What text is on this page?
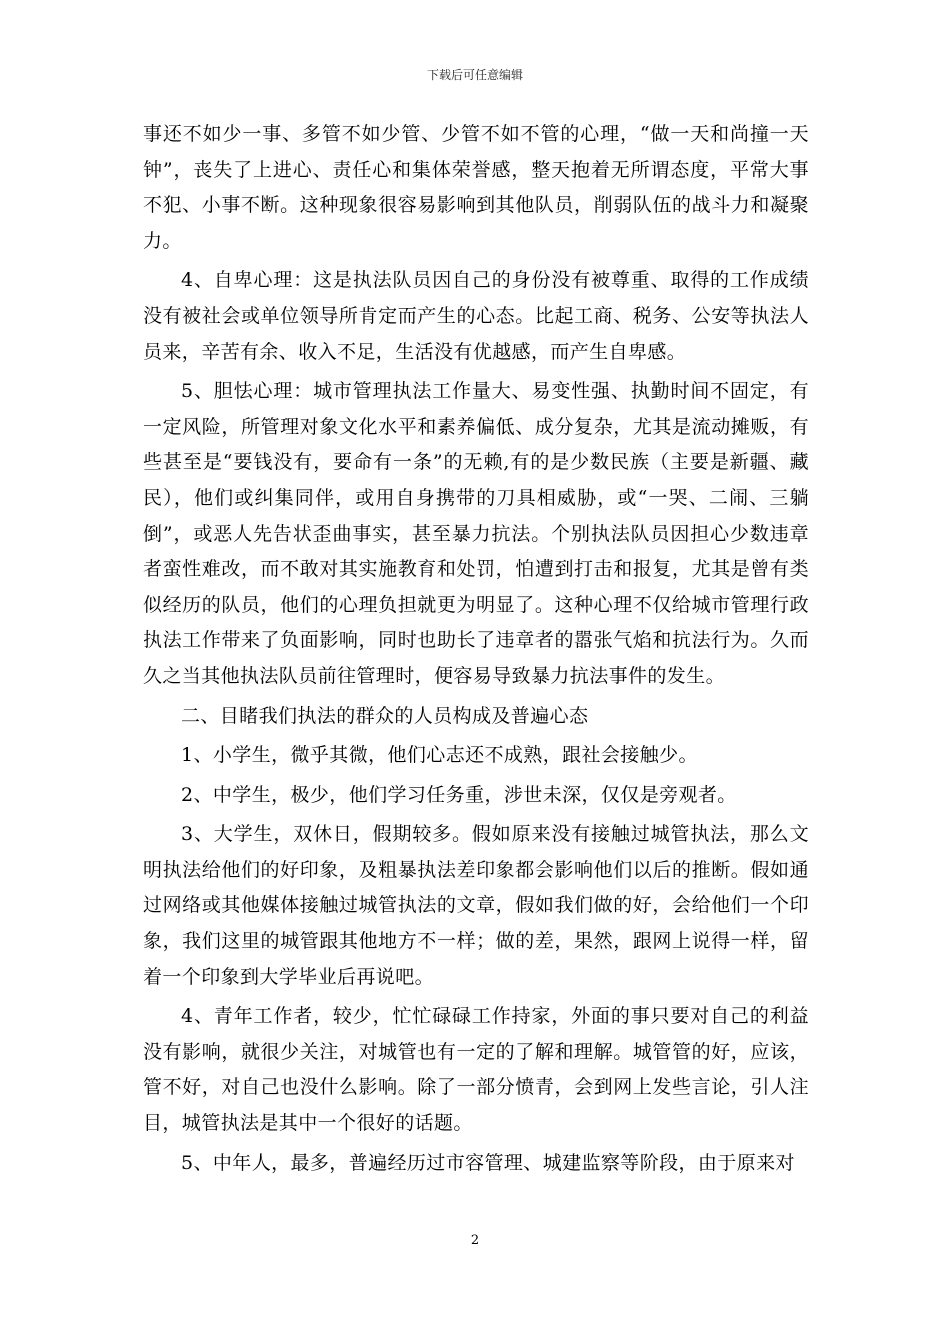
下载后可任意编辑

事还不如少一事、多管不如少管、少管不如不管的心理，“做一天和尚撞一天钟”，丧失了上进心、责任心和集体荣誉感，整天抱着无所谓态度，平常大事不犯、小事不断。这种现象很容易影响到其他队员，削弱队伍的战斗力和凝聚力。

4、自卑心理：这是执法队员因自己的身份没有被尊重、取得的工作成绩没有被社会或单位领导所肯定而产生的心态。比起工商、税务、公安等执法人员来，辛苦有余、收入不足，生活没有优越感，而产生自卑感。

5、胆怯心理：城市管理执法工作量大、易变性强、执勤时间不固定，有一定风险，所管理对象文化水平和素养偏低、成分复杂，尤其是流动摊贩，有些甚至是“要钱没有，要命有一条”的无赖,有的是少数民族（主要是新疆、藏民），他们或纠集同伴，或用自身携带的刀具相威胁，或“一哭、二闹、三躺倒”，或恶人先告状歪曲事实，甚至暴力抗法。个别执法队员因担心少数违章者蛮性难改，而不敢对其实施教育和处罚，怕遭到打击和报复，尤其是曾有类似经历的队员，他们的心理负担就更为明显了。这种心理不仅给城市管理行政执法工作带来了负面影响，同时也助长了违章者的嚣张气焰和抗法行为。久而久之当其他执法队员前往管理时，便容易导致暴力抗法事件的发生。

二、目睹我们执法的群众的人员构成及普遍心态

1、小学生，微乎其微，他们心志还不成熟，跟社会接触少。

2、中学生，极少，他们学习任务重，涉世未深，仅仅是旁观者。

3、大学生，双休日，假期较多。假如原来没有接触过城管执法，那么文明执法给他们的好印象，及粗暴执法差印象都会影响他们以后的推断。假如通过网络或其他媒体接触过城管执法的文章，假如我们做的好，会给他们一个印象，我们这里的城管跟其他地方不一样；做的差，果然，跟网上说得一样，留着一个印象到大学毕业后再说吧。

4、青年工作者，较少，忙忙碌碌工作持家，外面的事只要对自己的利益没有影响，就很少关注，对城管也有一定的了解和理解。城管管的好，应该，管不好，对自己也没什么影响。除了一部分愤青，会到网上发些言论，引人注目，城管执法是其中一个很好的话题。

5、中年人，最多，普遍经历过市容管理、城建监察等阶段，由于原来对

2
